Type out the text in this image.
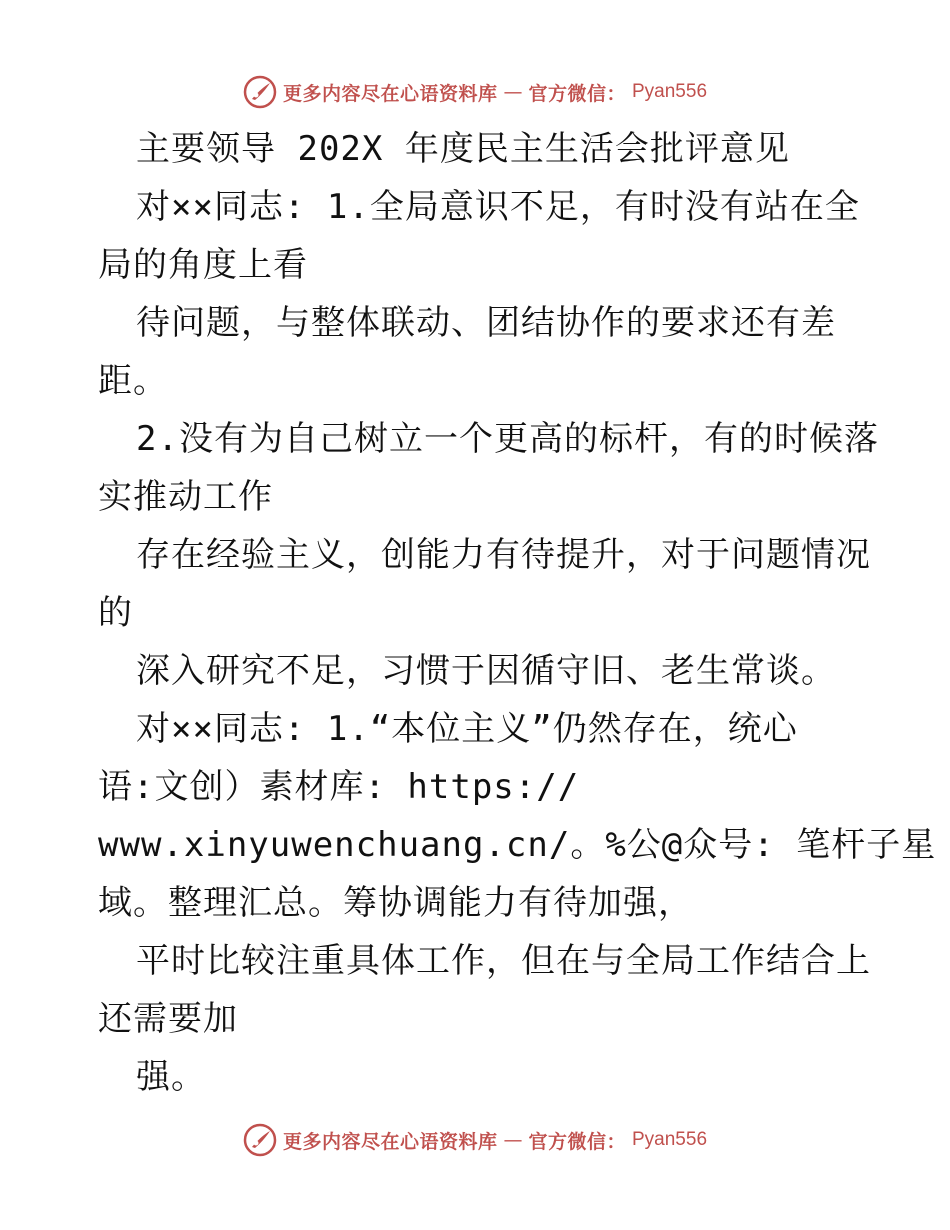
更多内容尽在心语资料库 — 官方微信： Pyan556

主要领导 202X 年度民主生活会批评意见

对××同志: 1.全局意识不足，有时没有站在全

局的角度上看

待问题，与整体联动、团结协作的要求还有差

距。

2.没有为自己树立一个更高的标杆，有的时候落

实推动工作

存在经验主义，创能力有待提升，对于问题情况

的

深入研究不足，习惯于因循守旧、老生常谈。

对××同志: 1.“本位主义”仍然存在，统心

语:文创）素材库: https://

www.xinyuwenchuang.cn/。%公@众号: 笔杆子星

域。整理汇总。筹协调能力有待加强，

平时比较注重具体工作，但在与全局工作结合上

还需要加

强。

更多内容尽在心语资料库 — 官方微信： Pyan556
